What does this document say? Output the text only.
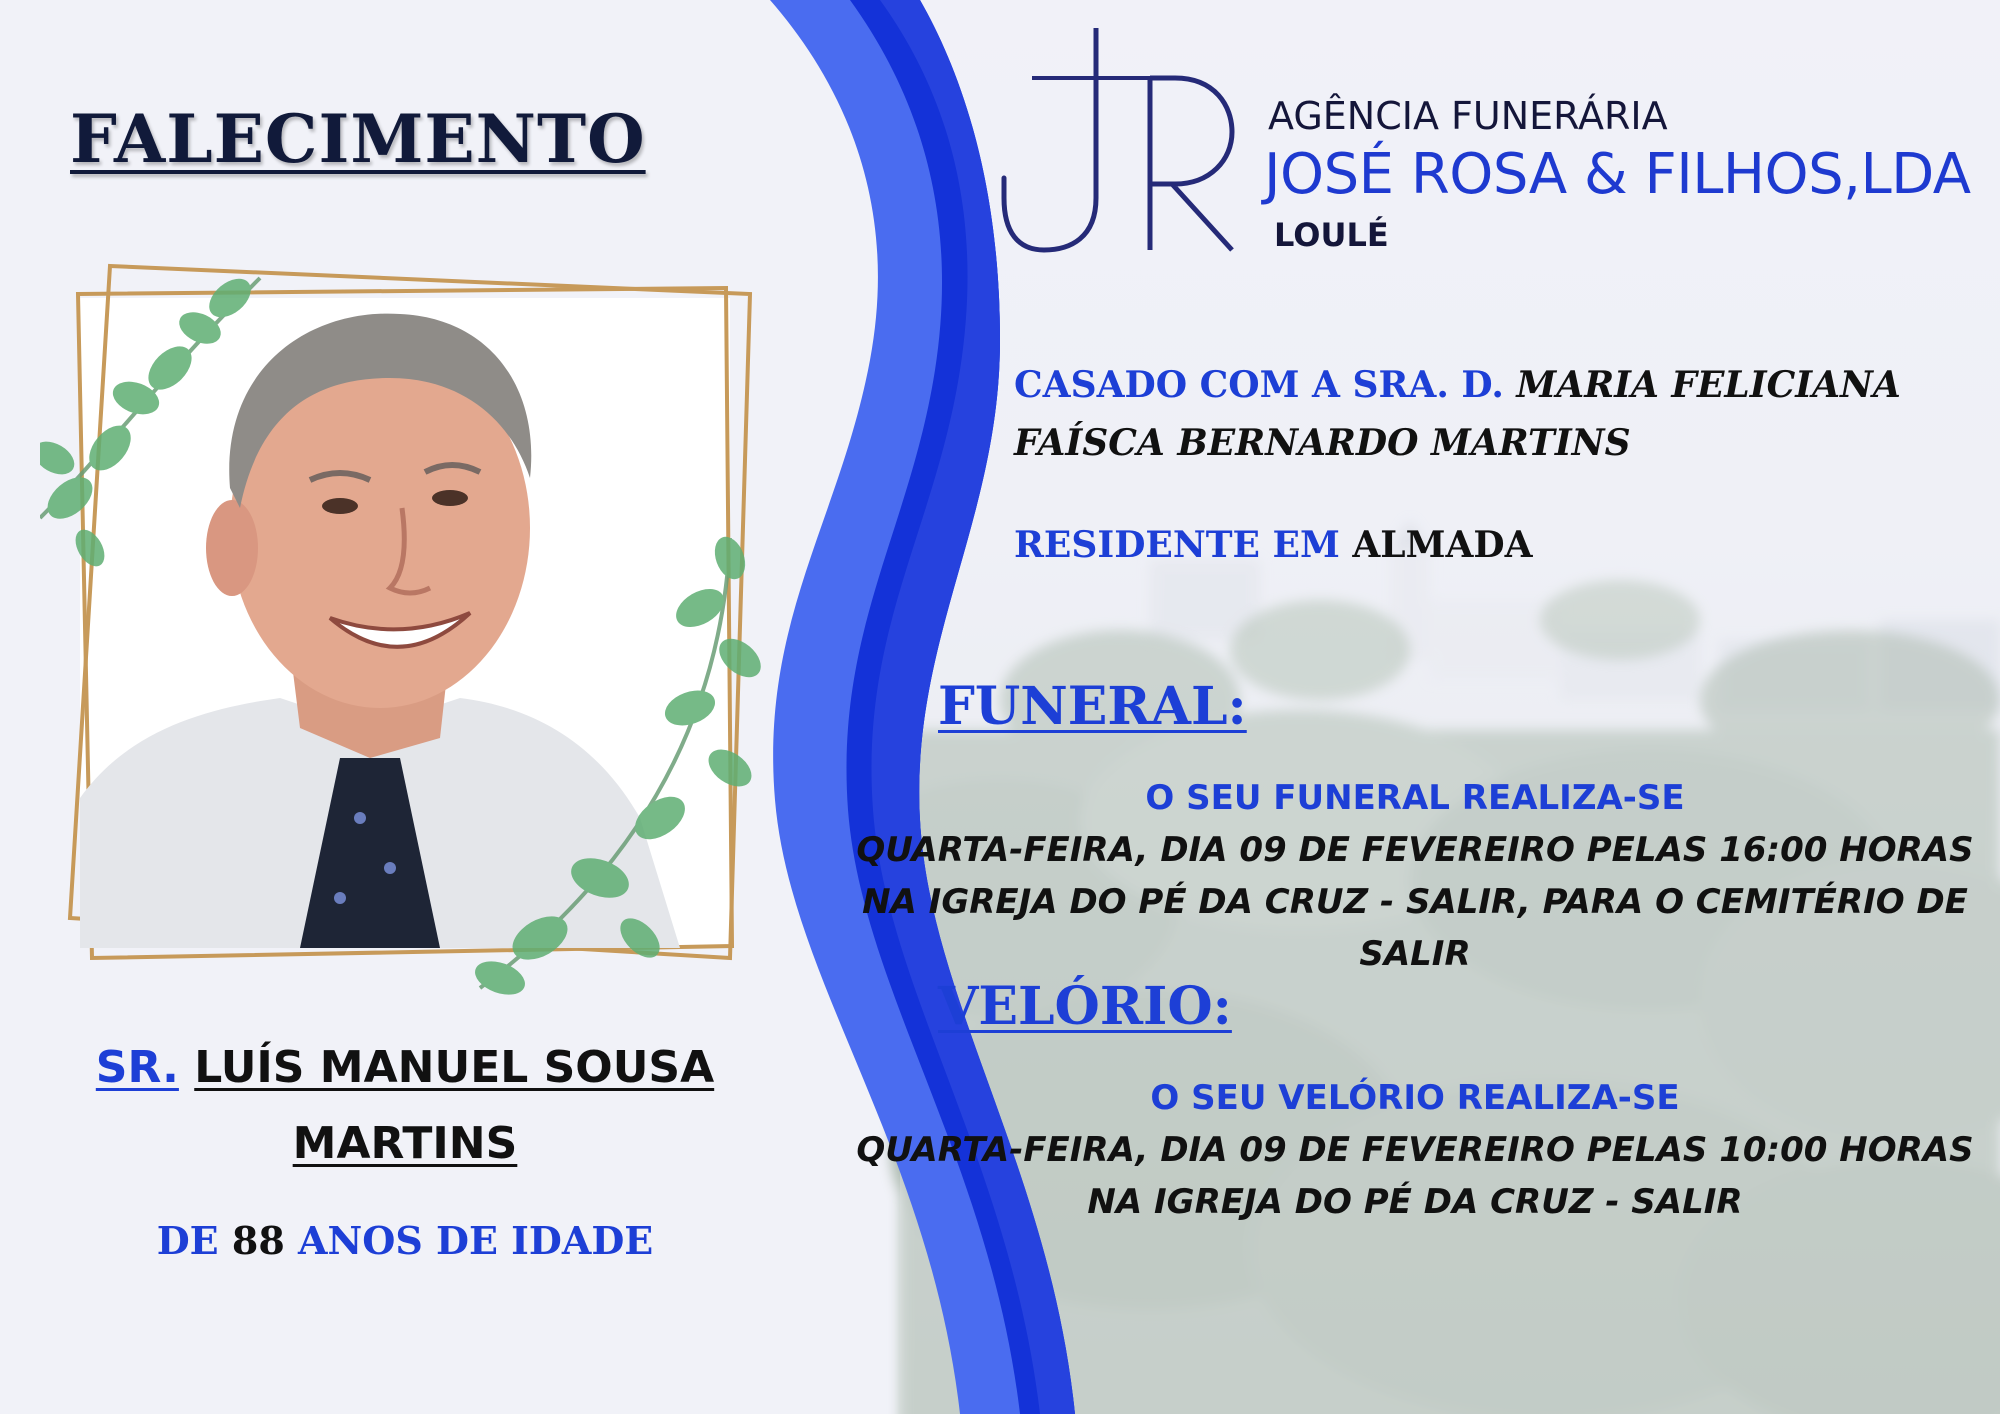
FALECIMENTO
SR. LUÍS MANUEL SOUSA
MARTINS
DE 88 ANOS DE IDADE
AGÊNCIA FUNERÁRIA
JOSÉ ROSA & FILHOS,LDA
LOULÉ
CASADO COM A SRA. D. MARIA FELICIANA
FAÍSCA BERNARDO MARTINS
RESIDENTE EM ALMADA
FUNERAL:
O SEU FUNERAL REALIZA-SE
QUARTA-FEIRA, DIA 09 DE FEVEREIRO PELAS 16:00 HORAS
NA IGREJA DO PÉ DA CRUZ - SALIR, PARA O CEMITÉRIO DE SALIR
VELÓRIO:
O SEU VELÓRIO REALIZA-SE
QUARTA-FEIRA, DIA 09 DE FEVEREIRO PELAS 10:00 HORAS
NA IGREJA DO PÉ DA CRUZ - SALIR
